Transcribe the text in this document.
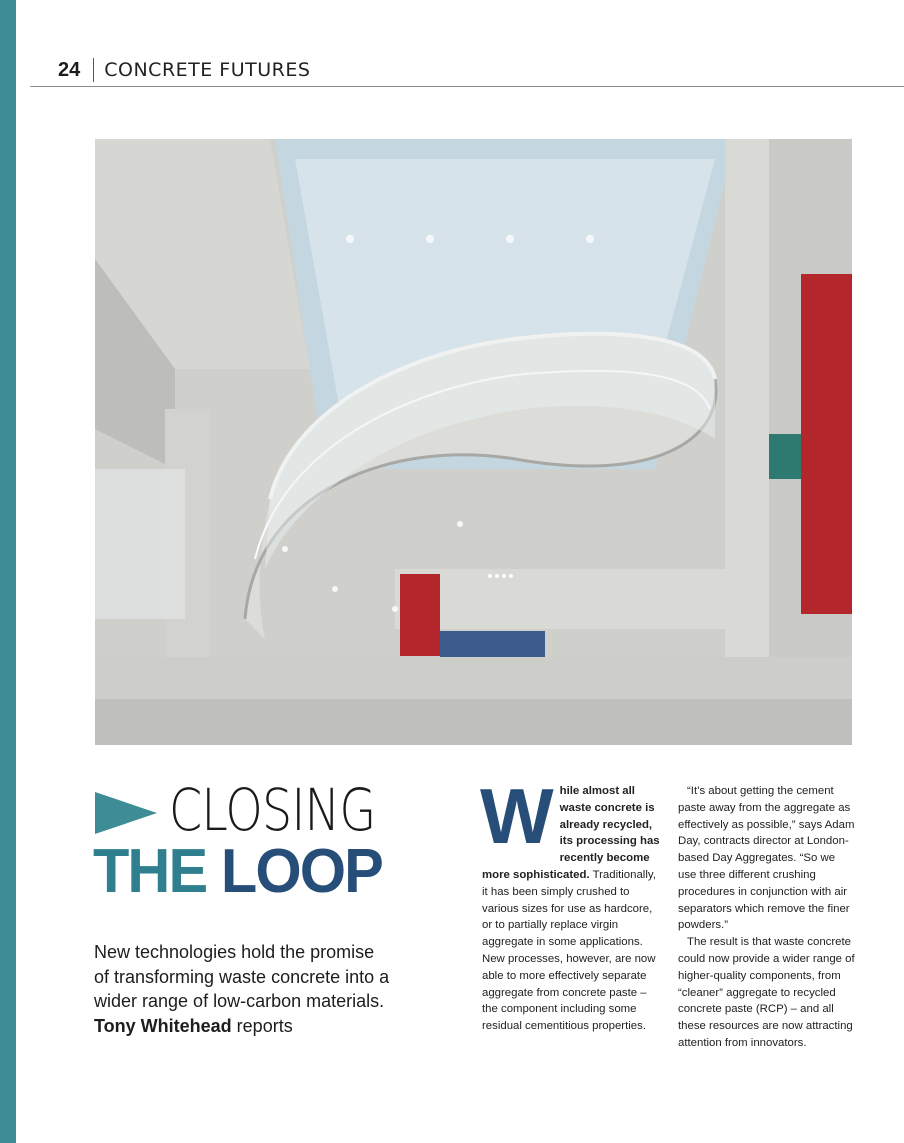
24 CONCRETE FUTURES
CLOSING
THE LOOP
New technologies hold the promise of transforming waste concrete into a wider range of low-carbon materials. Tony Whitehead reports
W hile almost all waste concrete is already recycled, its processing has recently become more sophisticated. Traditionally, it has been simply crushed to various sizes for use as hardcore, or to partially replace virgin aggregate in some applications. New processes, however, are now able to more effectively separate aggregate from concrete paste – the component including some residual cementitious properties.

“It’s about getting the cement paste away from the aggregate as effectively as possible,” says Adam Day, contracts director at London-based Day Aggregates. “So we use three different crushing procedures in conjunction with air separators which remove the finer powders.”

The result is that waste concrete could now provide a wider range of higher-quality components, from “cleaner” aggregate to recycled concrete paste (RCP) – and all these resources are now attracting attention from innovators.
